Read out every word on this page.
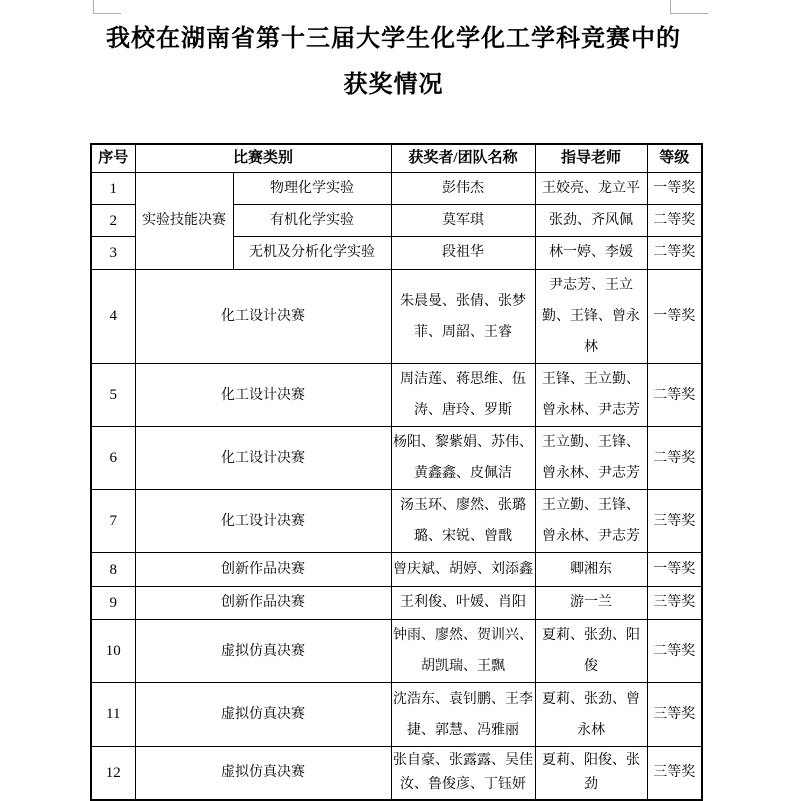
我校在湖南省第十三届大学生化学化工学科竞赛中的
获奖情况
序号	比赛类别		获奖者/团队名称	指导老师	等级
1	实验技能决赛	物理化学实验	彭伟杰	王姣亮、龙立平	一等奖
2		有机化学实验	莫军琪	张劲、齐风佩	二等奖
3		无机及分析化学实验	段祖华	林一婷、李媛	二等奖
4	化工设计决赛		朱晨曼、张倩、张梦菲、周韶、王睿	尹志芳、王立勤、王锋、曾永林	一等奖
5	化工设计决赛		周洁莲、蒋思维、伍涛、唐玲、罗斯	王锋、王立勤、曾永林、尹志芳	二等奖
6	化工设计决赛		杨阳、黎紫娟、苏伟、黄鑫鑫、皮佩洁	王立勤、王锋、曾永林、尹志芳	二等奖
7	化工设计决赛		汤玉环、廖然、张璐璐、宋锐、曾戬	王立勤、王锋、曾永林、尹志芳	三等奖
8	创新作品决赛		曾庆斌、胡婷、刘添鑫	卿湘东	一等奖
9	创新作品决赛		王利俊、叶媛、肖阳	游一兰	三等奖
10	虚拟仿真决赛		钟雨、廖然、贺训兴、胡凯瑞、王飘	夏莉、张劲、阳俊	二等奖
11	虚拟仿真决赛		沈浩东、袁钊鹏、王李捷、郭慧、冯雅丽	夏莉、张劲、曾永林	三等奖
12	虚拟仿真决赛		张自豪、张露露、吴佳汝、鲁俊彦、丁钰妍	夏莉、阳俊、张劲	三等奖
